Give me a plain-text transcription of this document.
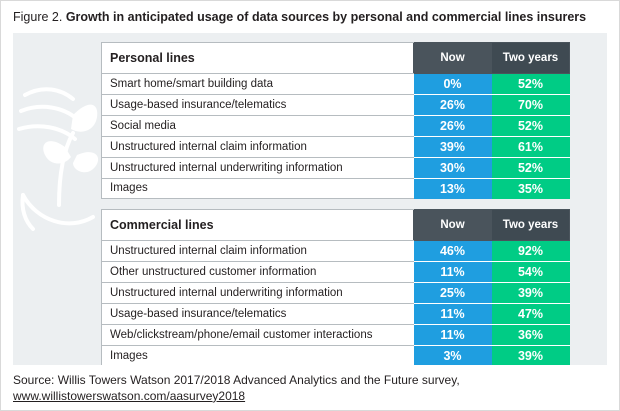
Figure 2. Growth in anticipated usage of data sources by personal and commercial lines insurers
Personal lines	Now	Two years
Smart home/smart building data	0%	52%
Usage-based insurance/telematics	26%	70%
Social media	26%	52%
Unstructured internal claim information	39%	61%
Unstructured internal underwriting information	30%	52%
Images	13%	35%

Commercial lines	Now	Two years
Unstructured internal claim information	46%	92%
Other unstructured customer information	11%	54%
Unstructured internal underwriting information	25%	39%
Usage-based insurance/telematics	11%	47%
Web/clickstream/phone/email customer interactions	11%	36%
Images	3%	39%
Source: Willis Towers Watson 2017/2018 Advanced Analytics and the Future survey,
www.willistowerswatson.com/aasurvey2018
